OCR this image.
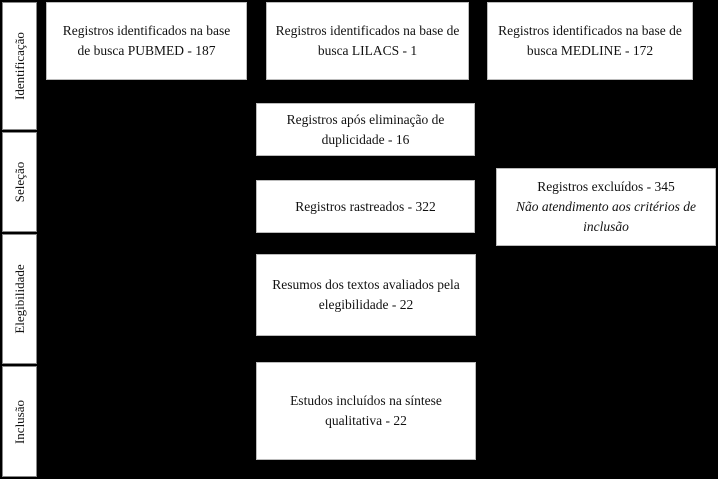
Identificação
Seleção
Elegibilidade
Inclusão
Registros identificados na base de busca PUBMED - 187
Registros identificados na base de busca LILACS - 1
Registros identificados na base de busca MEDLINE - 172
Registros após eliminação de duplicidade - 16
Registros rastreados - 322
Registros excluídos - 345
Não atendimento aos critérios de inclusão
Resumos dos textos avaliados pela elegibilidade - 22
Estudos incluídos na síntese qualitativa - 22
